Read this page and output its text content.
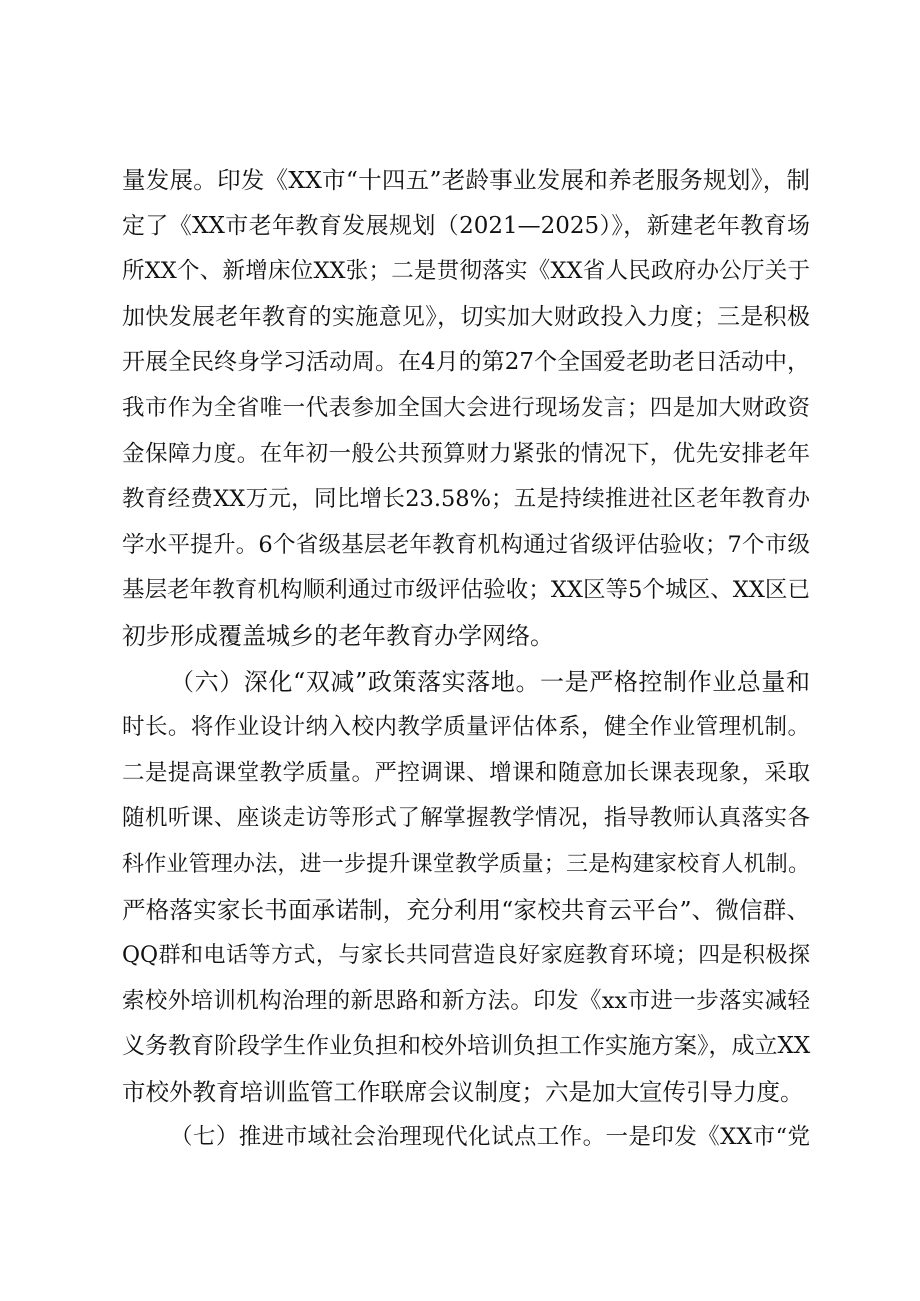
量发展。印发《XX市“十四五”老龄事业发展和养老服务规划》，制
定了《XX市老年教育发展规划（2021—2025）》，新建老年教育场
所XX个、新增床位XX张；二是贯彻落实《XX省人民政府办公厅关于
加快发展老年教育的实施意见》，切实加大财政投入力度；三是积极
开展全民终身学习活动周。在4月的第27个全国爱老助老日活动中，
我市作为全省唯一代表参加全国大会进行现场发言；四是加大财政资
金保障力度。在年初一般公共预算财力紧张的情况下，优先安排老年
教育经费XX万元，同比增长23.58%；五是持续推进社区老年教育办
学水平提升。6个省级基层老年教育机构通过省级评估验收；7个市级
基层老年教育机构顺利通过市级评估验收；XX区等5个城区、XX区已
初步形成覆盖城乡的老年教育办学网络。
（六）深化“双减”政策落实落地。一是严格控制作业总量和
时长。将作业设计纳入校内教学质量评估体系，健全作业管理机制。
二是提高课堂教学质量。严控调课、增课和随意加长课表现象，采取
随机听课、座谈走访等形式了解掌握教学情况，指导教师认真落实各
科作业管理办法，进一步提升课堂教学质量；三是构建家校育人机制。
严格落实家长书面承诺制，充分利用“家校共育云平台”、微信群、
QQ群和电话等方式，与家长共同营造良好家庭教育环境；四是积极探
索校外培训机构治理的新思路和新方法。印发《xx市进一步落实减轻
义务教育阶段学生作业负担和校外培训负担工作实施方案》，成立XX
市校外教育培训监管工作联席会议制度；六是加大宣传引导力度。
（七）推进市域社会治理现代化试点工作。一是印发《XX市“党
